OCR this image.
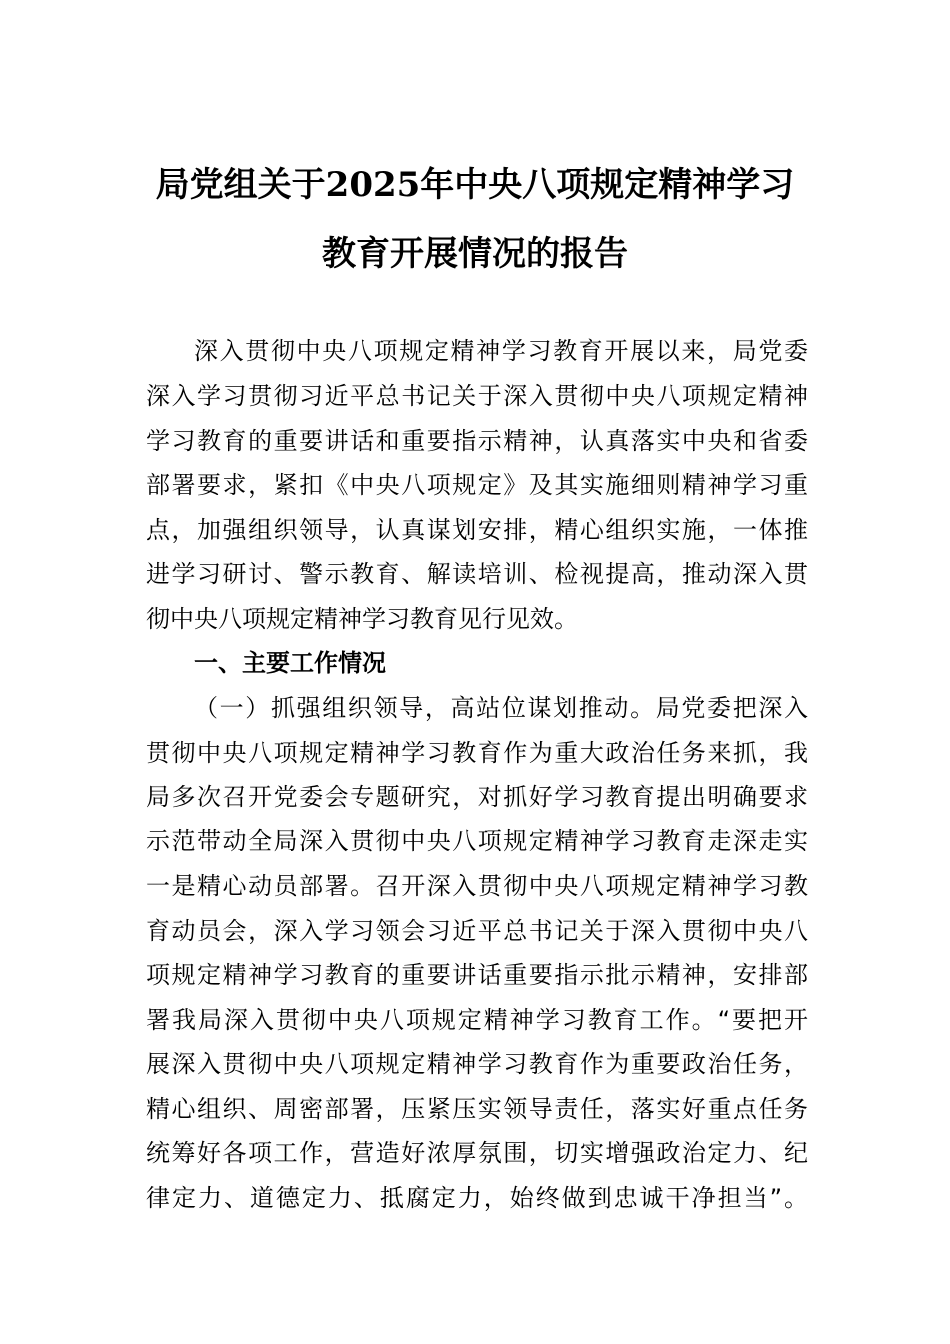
局党组关于2025年中央八项规定精神学习
教育开展情况的报告

深入贯彻中央八项规定精神学习教育开展以来，局党委

深入学习贯彻习近平总书记关于深入贯彻中央八项规定精神

学习教育的重要讲话和重要指示精神，认真落实中央和省委

部署要求，紧扣《中央八项规定》及其实施细则精神学习重

点，加强组织领导，认真谋划安排，精心组织实施，一体推

进学习研讨、警示教育、解读培训、检视提高，推动深入贯

彻中央八项规定精神学习教育见行见效。

一、主要工作情况

（一）抓强组织领导，高站位谋划推动。局党委把深入

贯彻中央八项规定精神学习教育作为重大政治任务来抓，我

局多次召开党委会专题研究，对抓好学习教育提出明确要求

示范带动全局深入贯彻中央八项规定精神学习教育走深走实

一是精心动员部署。召开深入贯彻中央八项规定精神学习教

育动员会，深入学习领会习近平总书记关于深入贯彻中央八

项规定精神学习教育的重要讲话重要指示批示精神，安排部

署我局深入贯彻中央八项规定精神学习教育工作。“要把开

展深入贯彻中央八项规定精神学习教育作为重要政治任务，

精心组织、周密部署，压紧压实领导责任，落实好重点任务

统筹好各项工作，营造好浓厚氛围，切实增强政治定力、纪

律定力、道德定力、抵腐定力，始终做到忠诚干净担当”。
